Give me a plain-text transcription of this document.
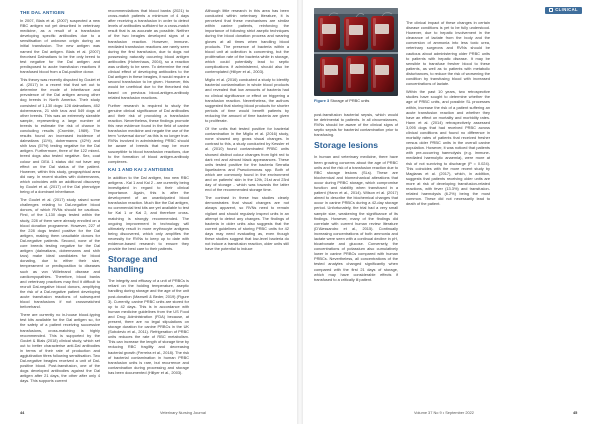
THE DAL ANTIGEN

In 2007, Blais et al. (2007) suspected a new RBC antigen not yet described in veterinary medicine, as a result of a transfusion developing specific antibodies due to a sensitisation of unknown origin during an initial transfusion. The new antigen was named the Dal antigen. Blais et al. (2007) theorised Dalmatians to be the only breed to test negative for the Dal antigen and predisposed to acute transfusion reactions if transfused blood from a Dal-positive donor.

This theory was recently disputed by Goulet et al. (2017) in a recent trial that set out to determine the mode of inheritance and prevalence of the Dal antigen among other dog breeds in North America. Their study consisted of 1,130 dogs: 128 dalmatians, 452 dobermanns, 21 shih tzus and 549 dogs of other breeds. This was an extremely sizeable sample, representing a large number of breeds to estimate the risk of chance in concluding results (Crombie, 1989). The results found an increased incidence of dalmatians (11%), dobermanns (42%) and shih tzus (57%) testing negative for the Dal antigen. Furthermore, three of the 122 mixed-breed dogs also tested negative. Sex, coat colour and DEA 1 status did not have any effect on the Dal status of the patient. However, within this study, geographical area did vary. In recent studies with dobermanns, which coincides with an additional discovery by Goulet et al. (2017) of the Dal phenotype being of a dominant inheritance.

The Goulet et al. (2017) study raised some challenges relating to Dal-negative blood donors, of which RVNs should be cautious. First, of the 1,130 dogs tested within the study, 228 of them were already enrolled on a blood donation programme. However, 227 of the 228 dogs tested positive for the Dal antigen, making them unsuitable donors for Dal-negative patients. Second, none of the core breeds testing negative for the Dal antigen (dalmatians, dobermanns and shih tzus) make ideal candidates for blood donating, due to either their size, temperament or predisposition to diseases such as von Willebrand disease and cardiomyopathies. Therefore, blood banks and veterinary practices may find it difficult to recruit Dal-negative blood donors, amplifying the risk of a Dal-negative patient developing acute transfusion reactions of subsequent blood transfusions if not crossmatched beforehand.

There are currently no in-house blood-typing test kits available for the Dal antigen so, for the safety of a patient receiving successive transfusions, cross-matching is highly recommended. This is supported by the Goulet & Blais (2018) clinical study, which set out to better characterise anti-Dal antibodies in terms of their rate of production and agglutination titres following sensitisation. Two Dal-negative beagles received a unit of Dal-positive blood. Post-transfusion, one of the dogs developed antibodies against the Dal antigen after 21 days, the other after only 4 days. This supports current

recommendations that blood banks (2021) to cross-match patients a minimum of 4 days after receiving a transfusion in order to detect levels of antibodies sufficient for a cross-match result that is as accurate as possible. Neither of the two beagles developed signs of a transfusion reaction. However, immune-mediated transfusion reactions are rarely seen during the first transfusion, due to dogs not possessing naturally occurring blood antigen antibodies (Hohenhaus, 2004), so a reaction was unlikely to be seen. To determine the real clinical effect of developing antibodies to the Dal antigen in these beagles, it would require a second transfusion to be given. However, this would be unethical due to the theorised risk based on previous blood-antigen-antibody related transfusion reactions.

Further research is required to study the genuine clinical significance of Dal antibodies and their risk of provoking a transfusion reaction. Nevertheless, these findings promote this new evidence found in the field of canine transfusion medicine and negate the use of the term "universal donor" as this is no longer true. RVNs involved in administering PRBC should be aware of breeds that may be more susceptible to blood transfusion reactions, due to the formation of blood antigen-antibody complexes.

KAI 1 AND KAI 2 ANTIGENS

In addition to the Dal antigen, two new RBC antigens - Kai 1 and Kai 2 - are currently being investigated in regard to their clinical importance. Again, this is after the development of an unanticipated blood transfusion reaction. Much like the Dal antigen, no commercial test kits are yet available to test for Kai 1 or Kai 2, and therefore cross-matching is strongly recommended. The ongoing improvement in technology will ultimately result in more erythrocyte antigens being discovered, which only amplifies the necessity for RVNs to keep up to date with evidence-based research to ensure they provide the best care to their patients.

Storage and handling

The integrity and efficacy of a unit of PRBCs is reliant on the holding temperature, aseptic handling during storage and the age of the unit post-donation (Maxwell & Beder, 2019) (Figure 3). Currently, canine PRBC units are stored for up to 42 days. This is in accordance with human medicine guidelines from the US Food and Drug Administration (FDA) because, at present, there are no legal stipulations on storage duration for canine PRBCs in the UK (Sobolevic et al., 2011). Refrigeration of PRBC units reduces the rate of RBC metabolism. This can increase the length of storage time by reducing RBC fragility and decreasing bacterial growth (Ferreira et al., 2018). The risk of bacterial contamination in human PRBC transfusion units is rare, but recurrence and contamination during processing and storage has been documented (Hillyer et al., 2003).

Although little research in this area has been conducted within veterinary literature, it is perceived that these mechanisms are similar within canine patients, reinforcing the importance of following strict aseptic techniques during the blood donation process and wearing gloves at all times when handling blood products. The presence of bacteria within a blood unit at collection is concerning, but the proliferation rate of the bacteria while in storage, which could potentially lead to septic complications if administered, should also be contemplated (Hillyer et al., 2003).

Miglio et al. (2016) conducted a study to identify bacterial contamination in whole blood products and revealed that low amounts of bacteria had no clinical significance or effect on triggering a transfusion reaction. Nevertheless, the authors suggested that storing blood products for shorter periods of time would benefit patients by reducing the amount of time bacteria are given to proliferate.

Of the units that tested positive for bacterial contamination in the Miglio et al. (2016) study, none showed any gross visual changes. In contrast to this, a study conducted by Kessler et al. (2010) found contaminated PRBC units showed distinct colour changes from light red to dark red and almost black appearances. These units tested positive for the bacteria Serratia liquefaciens and Pseudomonas spp. Both of which are commonly found in the environment and on patients' skin in the 12th, 21st and 23rd day of storage - which was towards the latter end of the recommended storage time.

The contrast in these two studies clearly demonstrates that visual changes are not always apparent, so RVNs need to remain vigilant and should regularly inspect units in an attempt to detect any changes. The findings of bacteria in older units also suggests that the current guidelines of storing PRBC units for 42 days may need evaluating as, even though these studies suggest that low-level bacteria do not induce a transfusion reaction, older units still have the potential to induce

Figure 3 Storage of PRBC units

post-transfusion bacterial sepsis, which would be detrimental to patients. In all circumstances, RVNs should be aware of the clinical signs of septic sepsis for bacterial contamination prior to transfusing.

Storage lesions

In human and veterinary medicine, there have been growing concerns about the age of PRBC units and the risk of a transfusion reaction due to RBC storage lesions (SLs). These are biochemical and biomechanical alterations that occur during PRBC storage, which compromise function and viability when transfused in a patient (Hann et al., 2014). Wilson et al. (2017) aimed to describe the biochemical changes that occur in canine PRBCs during a 42-day storage period. Unfortunately, the trial had a very small sample size, weakening the significance of its findings. However, many of the findings did correlate with current human review literature (D'Alessandro et al., 2015). Continually increasing concentrations of both ammonia and lactate were seen with a continual decline in pH, bicarbonate and glucose. Conversely, the concentrations of potassium also cumulatively lower in canine PRBCs compared with human PRBCs. Nevertheless, all concentrations of the tested analytes changed significantly when compared with the first 21 days of storage, which may have considerable effects if transfused to a critically ill patient.

The clinical impact of these changes in certain disease conditions is yet to be fully understood. However, due to hepatic involvement in the clearance of lactate from the body and the conversion of ammonia into less toxic urea, veterinary surgeons and RVNs should be cautious about administering older PRBC units to patients with hepatic disease. It may be sensible to transfuse fresher blood to these patients, as well as to patients with metabolic disturbances, to reduce the risk of worsening the condition by transfusing blood with increased concentrations of lactate.

Within the past 10 years, two retrospective studies have sought to determine whether the age of PRBC units, and possible SL processes within, increase the risk of a patient suffering an acute transfusion reaction and whether they have an effect on mortality and morbidity rates. Hann et al. (2014) retrospectively assessed 3,095 dogs that had received PRBC across clinical conditions and found no difference in mortality rates of patients that received fresher versus older PRBC units in the overall canine population. However, it was noticed that patients with pre-occurring haemolysis (e.g. immune-mediated haemolytic anaemia), were more at risk of not surviving to discharge (P = 0.024). This coincides with the more recent study by Maglaras et al. (2017), which, in addition, suggests that patients receiving older units are more at risk of developing transfusion-related reactions, with fever (13.3%) and transfusion-related haemolysis (6.2%) being the most common. These did not necessarily lead to death of the patient.

CLINICAL
44	Veterinary Nursing Journal	Volume 37 No 9 • September 2022	45
